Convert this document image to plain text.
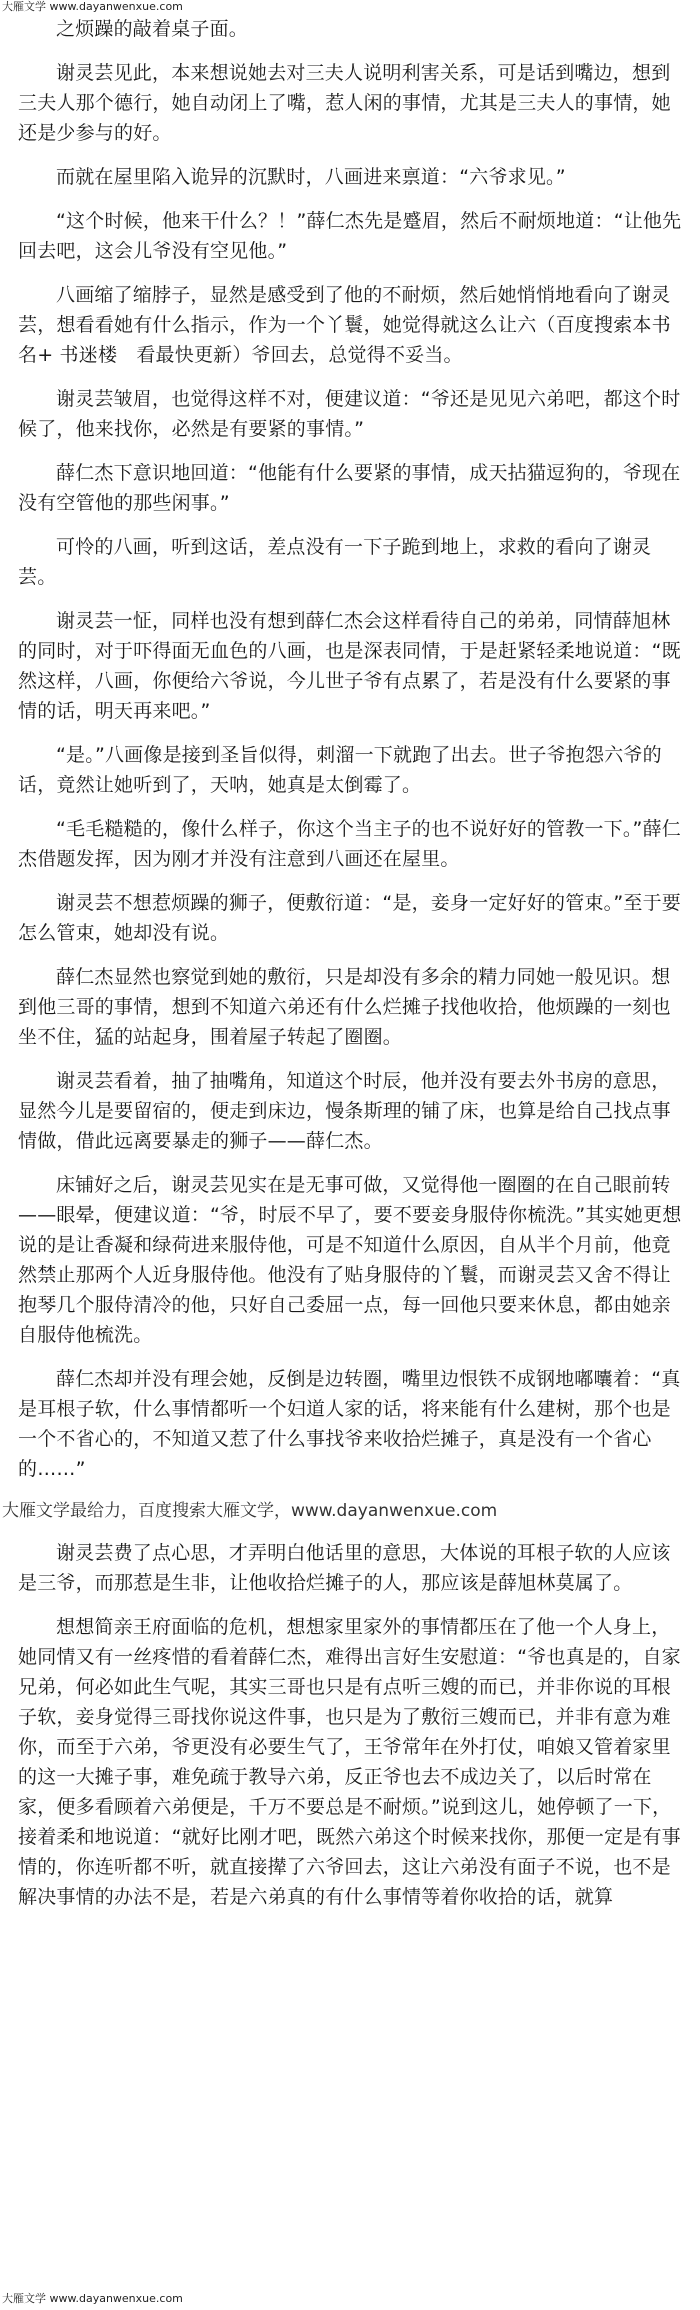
大雁文学 www.dayanwenxue.com

之烦躁的敲着桌子面。

谢灵芸见此，本来想说她去对三夫人说明利害关系，可是话到嘴边，想到三夫人那个德行，她自动闭上了嘴，惹人闲的事情，尤其是三夫人的事情，她还是少参与的好。

而就在屋里陷入诡异的沉默时，八画进来禀道：“六爷求见。”

“这个时候，他来干什么？！”薛仁杰先是蹙眉，然后不耐烦地道：“让他先回去吧，这会儿爷没有空见他。”

八画缩了缩脖子，显然是感受到了他的不耐烦，然后她悄悄地看向了谢灵芸，想看看她有什么指示，作为一个丫鬟，她觉得就这么让六（百度搜索本书名+ 书迷楼　看最快更新）爷回去，总觉得不妥当。

谢灵芸皱眉，也觉得这样不对，便建议道：“爷还是见见六弟吧，都这个时候了，他来找你，必然是有要紧的事情。”

薛仁杰下意识地回道：“他能有什么要紧的事情，成天拈猫逗狗的，爷现在没有空管他的那些闲事。”

可怜的八画，听到这话，差点没有一下子跪到地上，求救的看向了谢灵芸。

谢灵芸一怔，同样也没有想到薛仁杰会这样看待自己的弟弟，同情薛旭林的同时，对于吓得面无血色的八画，也是深表同情，于是赶紧轻柔地说道：“既然这样，八画，你便给六爷说，今儿世子爷有点累了，若是没有什么要紧的事情的话，明天再来吧。”

“是。”八画像是接到圣旨似得，刺溜一下就跑了出去。世子爷抱怨六爷的话，竟然让她听到了，天呐，她真是太倒霉了。

“毛毛糙糙的，像什么样子，你这个当主子的也不说好好的管教一下。”薛仁杰借题发挥，因为刚才并没有注意到八画还在屋里。

谢灵芸不想惹烦躁的狮子，便敷衍道：“是，妾身一定好好的管束。”至于要怎么管束，她却没有说。

薛仁杰显然也察觉到她的敷衍，只是却没有多余的精力同她一般见识。想到他三哥的事情，想到不知道六弟还有什么烂摊子找他收拾，他烦躁的一刻也坐不住，猛的站起身，围着屋子转起了圈圈。

谢灵芸看着，抽了抽嘴角，知道这个时辰，他并没有要去外书房的意思，显然今儿是要留宿的，便走到床边，慢条斯理的铺了床，也算是给自己找点事情做，借此远离要暴走的狮子——薛仁杰。

床铺好之后，谢灵芸见实在是无事可做，又觉得他一圈圈的在自己眼前转——眼晕，便建议道：“爷，时辰不早了，要不要妾身服侍你梳洗。”其实她更想说的是让香凝和绿荷进来服侍他，可是不知道什么原因，自从半个月前，他竟然禁止那两个人近身服侍他。他没有了贴身服侍的丫鬟，而谢灵芸又舍不得让抱琴几个服侍清冷的他，只好自己委屈一点，每一回他只要来休息，都由她亲自服侍他梳洗。

薛仁杰却并没有理会她，反倒是边转圈，嘴里边恨铁不成钢地嘟囔着：“真是耳根子软，什么事情都听一个妇道人家的话，将来能有什么建树，那个也是一个不省心的，不知道又惹了什么事找爷来收拾烂摊子，真是没有一个省心的……”

大雁文学最给力，百度搜索大雁文学，www.dayanwenxue.com

谢灵芸费了点心思，才弄明白他话里的意思，大体说的耳根子软的人应该是三爷，而那惹是生非，让他收拾烂摊子的人，那应该是薛旭林莫属了。

想想简亲王府面临的危机，想想家里家外的事情都压在了他一个人身上，她同情又有一丝疼惜的看着薛仁杰，难得出言好生安慰道：“爷也真是的，自家兄弟，何必如此生气呢，其实三哥也只是有点听三嫂的而已，并非你说的耳根子软，妾身觉得三哥找你说这件事，也只是为了敷衍三嫂而已，并非有意为难你，而至于六弟，爷更没有必要生气了，王爷常年在外打仗，咱娘又管着家里的这一大摊子事，难免疏于教导六弟，反正爷也去不成边关了，以后时常在家，便多看顾着六弟便是，千万不要总是不耐烦。”说到这儿，她停顿了一下，接着柔和地说道：“就好比刚才吧，既然六弟这个时候来找你，那便一定是有事情的，你连听都不听，就直接撵了六爷回去，这让六弟没有面子不说，也不是解决事情的办法不是，若是六弟真的有什么事情等着你收拾的话，就算

大雁文学 www.dayanwenxue.com
